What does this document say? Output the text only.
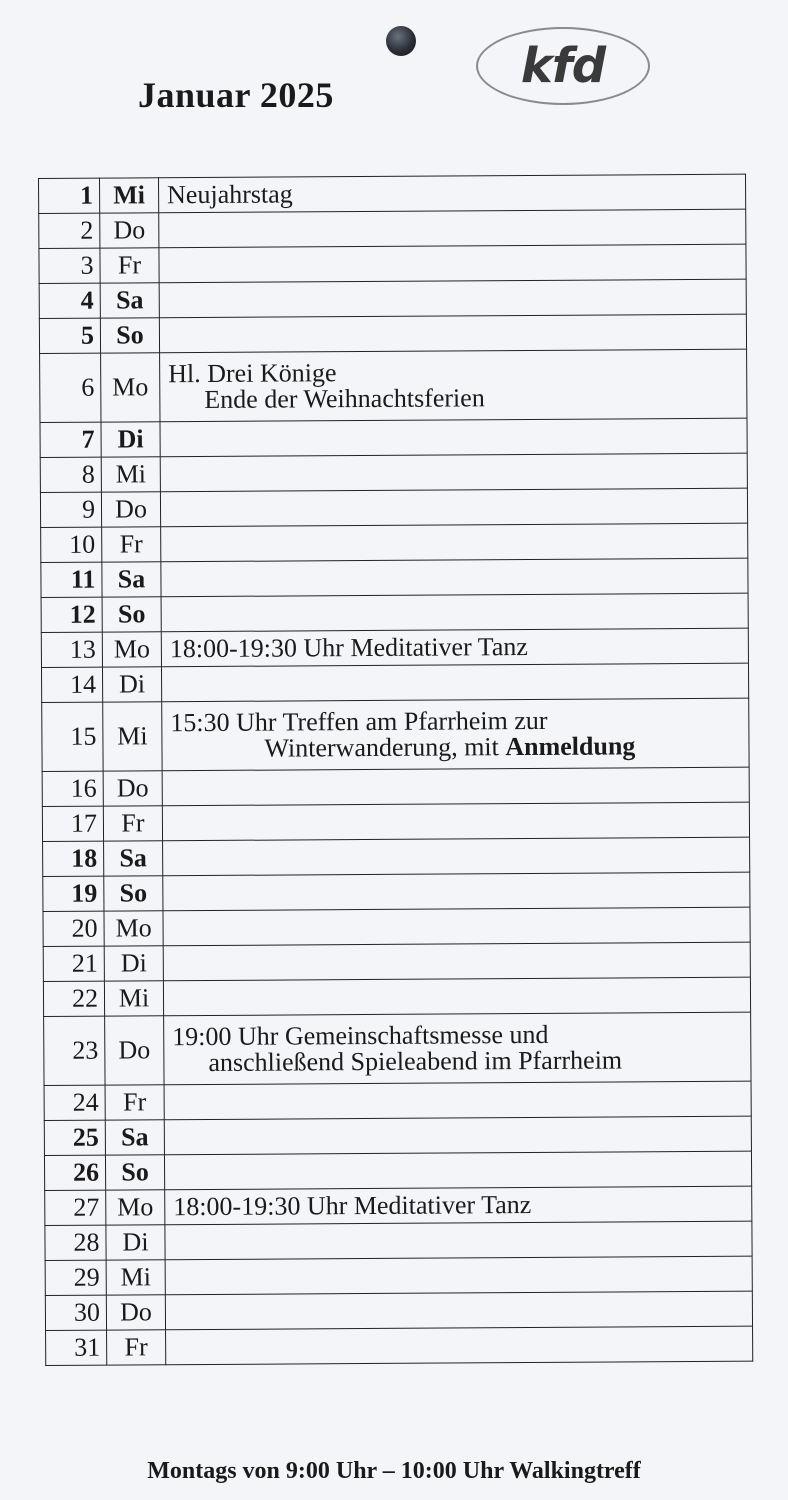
kfd
Januar 2025
1	Mi	Neujahrstag

2	Do	
3	Fr	
4	Sa	
5	So	
6	Mo	Hl. Drei Könige
Ende der Weihnachtsferien

7	Di	
8	Mi	
9	Do	
10	Fr	
11	Sa	
12	So	
13	Mo	18:00-19:30 Uhr Meditativer Tanz

14	Di	
15	Mi	15:30 Uhr Treffen am Pfarrheim zur
Winterwanderung, mit Anmeldung

16	Do	
17	Fr	
18	Sa	
19	So	
20	Mo	
21	Di	
22	Mi	
23	Do	19:00 Uhr Gemeinschaftsmesse und
anschließend Spieleabend im Pfarrheim

24	Fr	
25	Sa	
26	So	
27	Mo	18:00-19:30 Uhr Meditativer Tanz

28	Di	
29	Mi	
30	Do	
31	Fr	
Montags von 9:00 Uhr – 10:00 Uhr Walkingtreff
